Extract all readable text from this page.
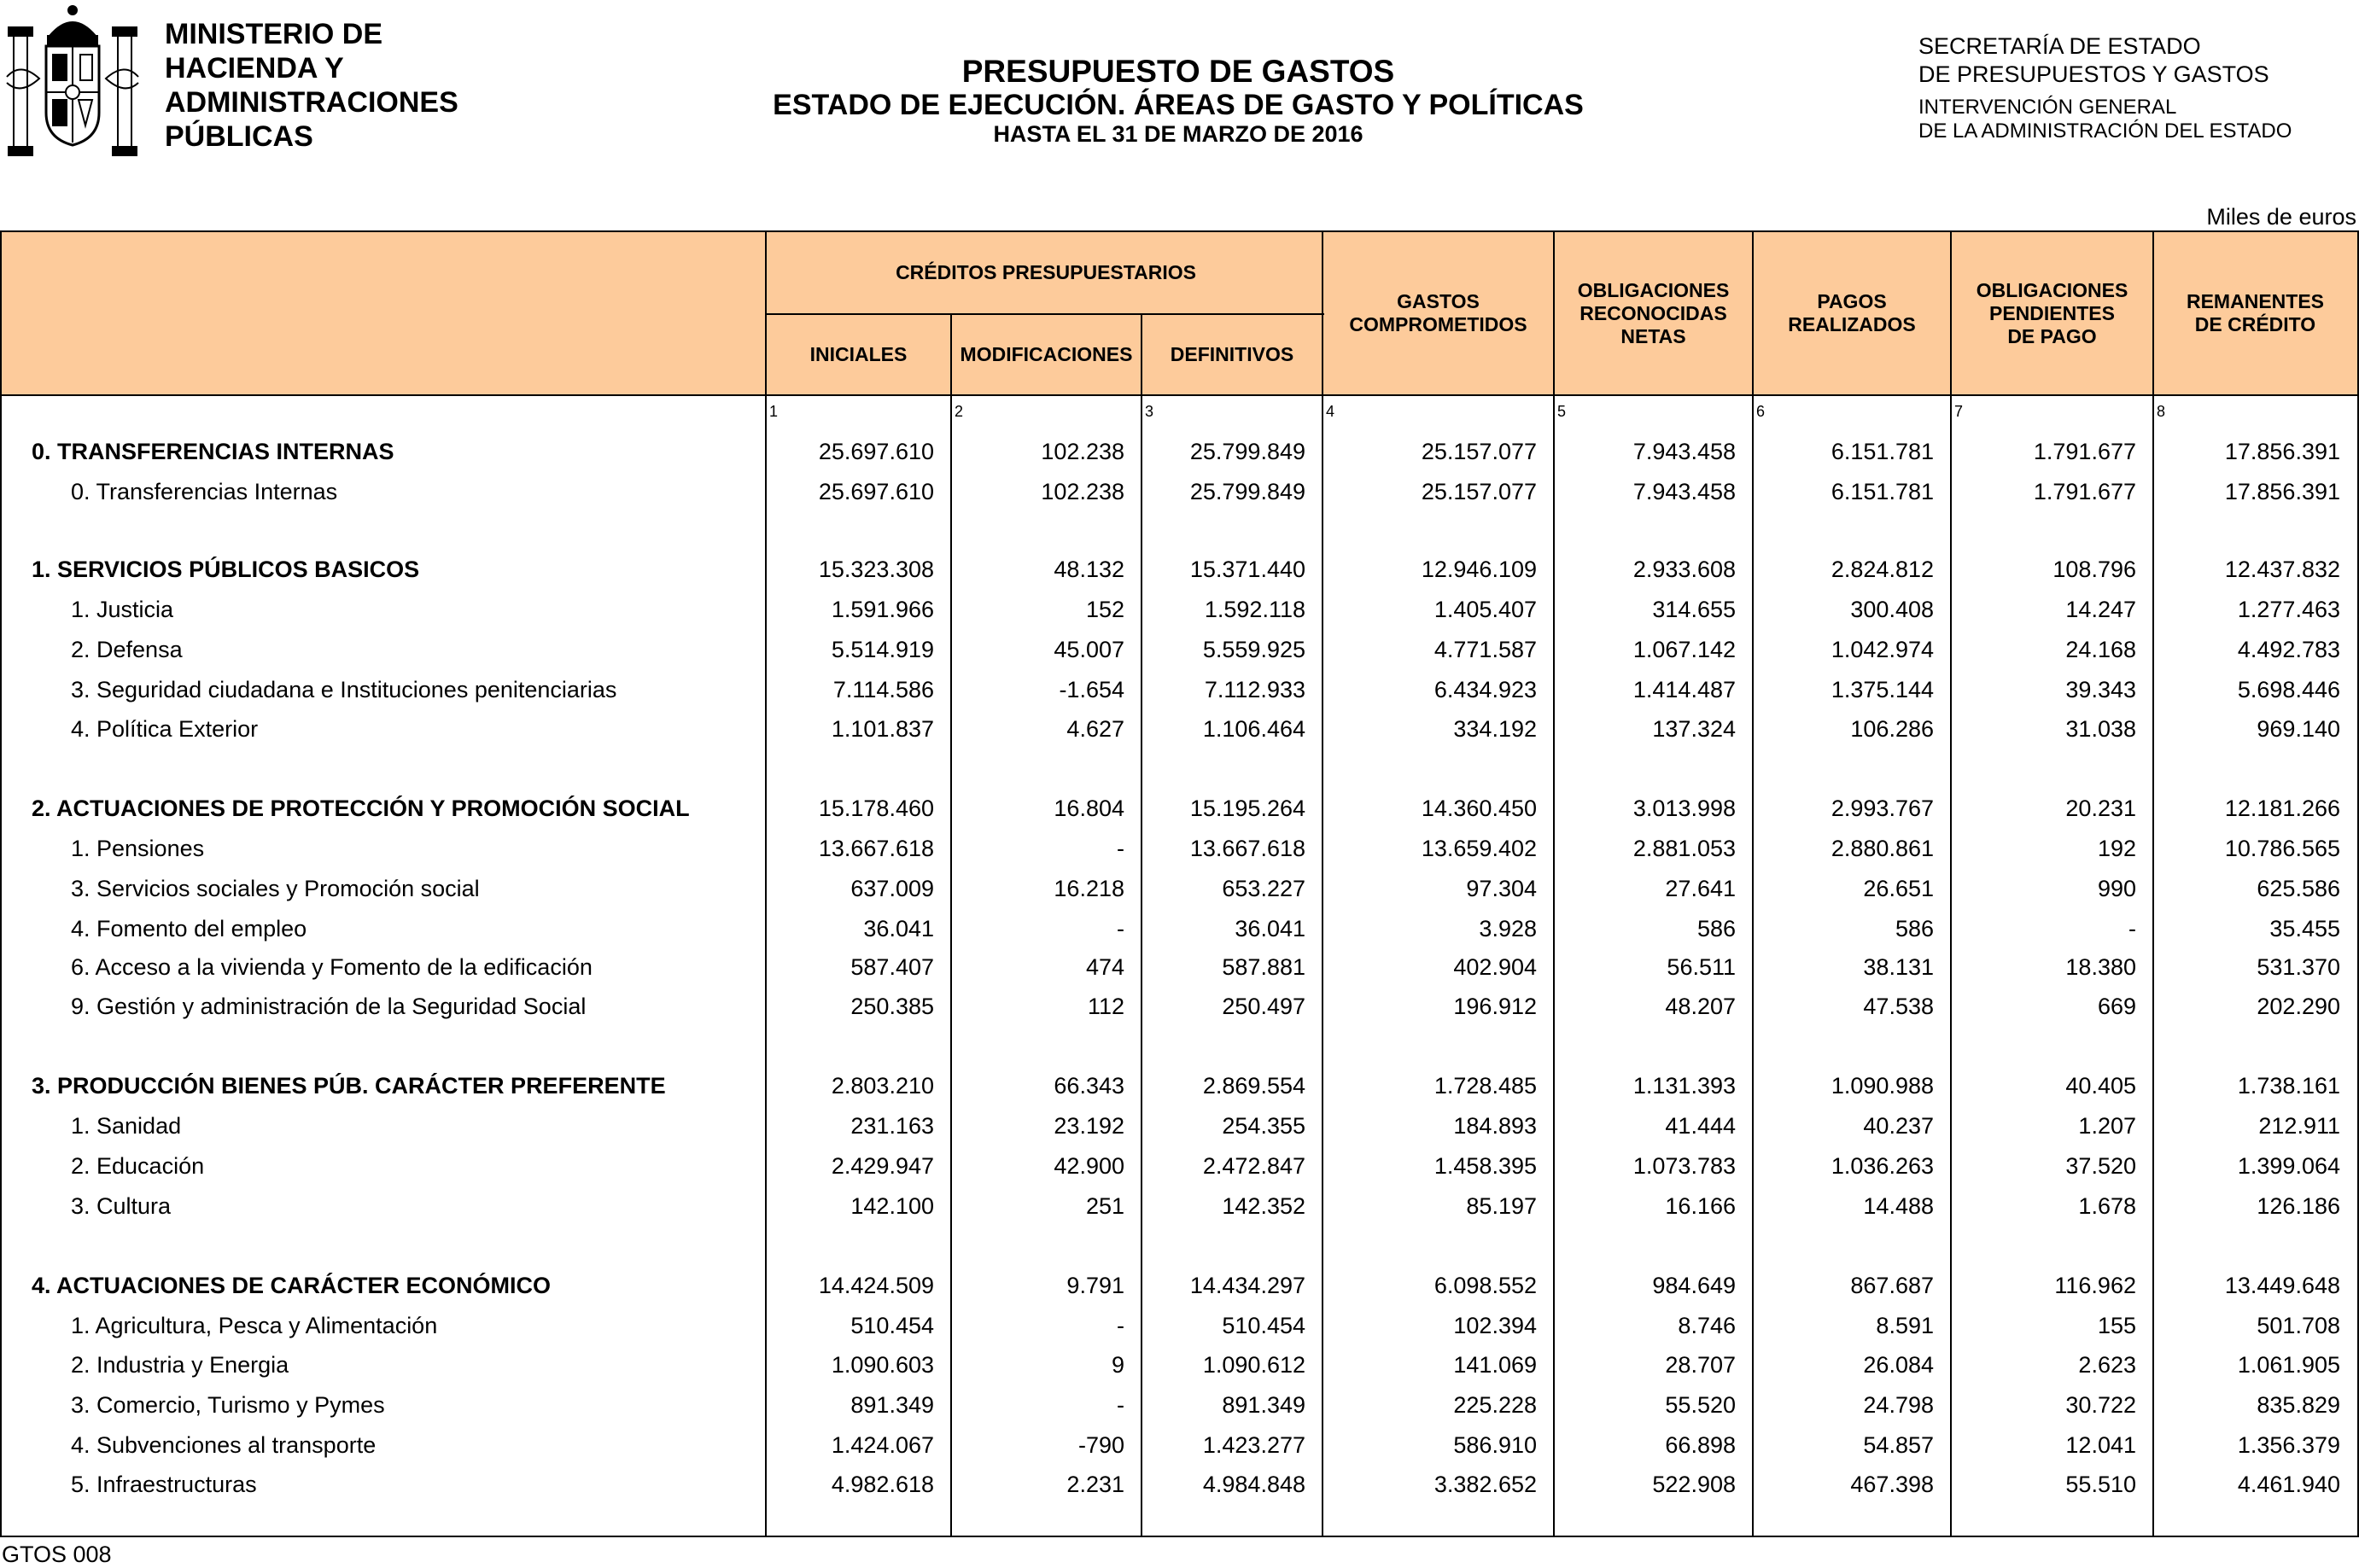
MINISTERIO DE
HACIENDA Y
ADMINISTRACIONES
PÚBLICAS
PRESUPUESTO DE GASTOS
ESTADO DE EJECUCIÓN. ÁREAS DE GASTO Y POLÍTICAS
HASTA EL 31 DE MARZO DE 2016
SECRETARÍA DE ESTADO
DE PRESUPUESTOS Y GASTOS
INTERVENCIÓN GENERAL
DE LA ADMINISTRACIÓN DEL ESTADO
Miles de euros
CRÉDITOS PRESUPUESTARIOS
INICIALES	MODIFICACIONES DEFINITIVOS
GASTOS
COMPROMETIDOS
OBLIGACIONES
RECONOCIDAS
NETAS
PAGOS
REALIZADOS
OBLIGACIONES
PENDIENTES
DE PAGO
REMANENTES
DE CRÉDITO
1	2	3	4	5	6	7	8
0. TRANSFERENCIAS INTERNAS	25.697.610	102.238	25.799.849	25.157.077	7.943.458	6.151.781	1.791.677	17.856.391
0. Transferencias Internas	25.697.610	102.238	25.799.849	25.157.077	7.943.458	6.151.781	1.791.677	17.856.391
1. SERVICIOS PÚBLICOS BASICOS	15.323.308	48.132	15.371.440	12.946.109	2.933.608	2.824.812	108.796	12.437.832
1. Justicia	1.591.966	152	1.592.118	1.405.407	314.655	300.408	14.247	1.277.463
2. Defensa	5.514.919	45.007	5.559.925	4.771.587	1.067.142	1.042.974	24.168	4.492.783
3. Seguridad ciudadana e Instituciones penitenciarias	7.114.586	-1.654	7.112.933	6.434.923	1.414.487	1.375.144	39.343	5.698.446
4. Política Exterior	1.101.837	4.627	1.106.464	334.192	137.324	106.286	31.038	969.140
2. ACTUACIONES DE PROTECCIÓN Y PROMOCIÓN SOCIAL	15.178.460	16.804	15.195.264	14.360.450	3.013.998	2.993.767	20.231	12.181.266
1. Pensiones	13.667.618	-	13.667.618	13.659.402	2.881.053	2.880.861	192	10.786.565
3. Servicios sociales y Promoción social	637.009	16.218	653.227	97.304	27.641	26.651	990	625.586
4. Fomento del empleo	36.041	-	36.041	3.928	586	586	-	35.455
6. Acceso a la vivienda y Fomento de la edificación	587.407	474	587.881	402.904	56.511	38.131	18.380	531.370
9. Gestión y administración de la Seguridad Social	250.385	112	250.497	196.912	48.207	47.538	669	202.290
3. PRODUCCIÓN BIENES PÚB. CARÁCTER PREFERENTE	2.803.210	66.343	2.869.554	1.728.485	1.131.393	1.090.988	40.405	1.738.161
1. Sanidad	231.163	23.192	254.355	184.893	41.444	40.237	1.207	212.911
2. Educación	2.429.947	42.900	2.472.847	1.458.395	1.073.783	1.036.263	37.520	1.399.064
3. Cultura	142.100	251	142.352	85.197	16.166	14.488	1.678	126.186
4. ACTUACIONES DE CARÁCTER ECONÓMICO	14.424.509	9.791	14.434.297	6.098.552	984.649	867.687	116.962	13.449.648
1. Agricultura, Pesca y Alimentación	510.454	-	510.454	102.394	8.746	8.591	155	501.708
2. Industria y Energia	1.090.603	9	1.090.612	141.069	28.707	26.084	2.623	1.061.905
3. Comercio, Turismo y Pymes	891.349	-	891.349	225.228	55.520	24.798	30.722	835.829
4. Subvenciones al transporte	1.424.067	-790	1.423.277	586.910	66.898	54.857	12.041	1.356.379
5. Infraestructuras	4.982.618	2.231	4.984.848	3.382.652	522.908	467.398	55.510	4.461.940
GTOS 008
